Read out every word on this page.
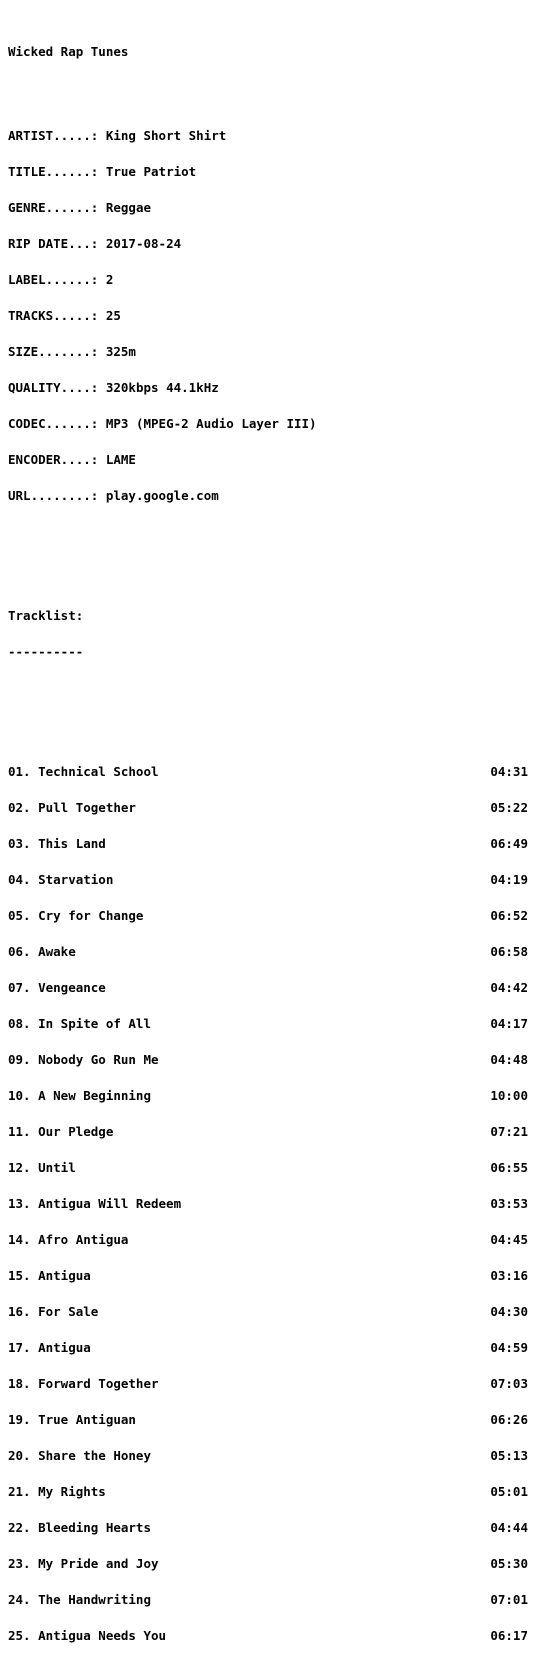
Wicked Rap Tunes

ARTIST.....: King Short Shirt

TITLE......: True Patriot

GENRE......: Reggae

RIP DATE...: 2017-08-24

LABEL......: 2

TRACKS.....: 25

SIZE.......: 325m

QUALITY....: 320kbps 44.1kHz

CODEC......: MP3 (MPEG-2 Audio Layer III)

ENCODER....: LAME

URL........: play.google.com

Tracklist:

----------

01. Technical School	04:31

02. Pull Together	05:22

03. This Land	06:49

04. Starvation	04:19

05. Cry for Change	06:52

06. Awake	06:58

07. Vengeance	04:42

08. In Spite of All	04:17

09. Nobody Go Run Me	04:48

10. A New Beginning	10:00

11. Our Pledge	07:21

12. Until	06:55

13. Antigua Will Redeem	03:53

14. Afro Antigua	04:45

15. Antigua	03:16

16. For Sale	04:30

17. Antigua	04:59

18. Forward Together	07:03

19. True Antiguan	06:26

20. Share the Honey	05:13

21. My Rights	05:01

22. Bleeding Hearts	04:44

23. My Pride and Joy	05:30

24. The Handwriting	07:01

25. Antigua Needs You	06:17
